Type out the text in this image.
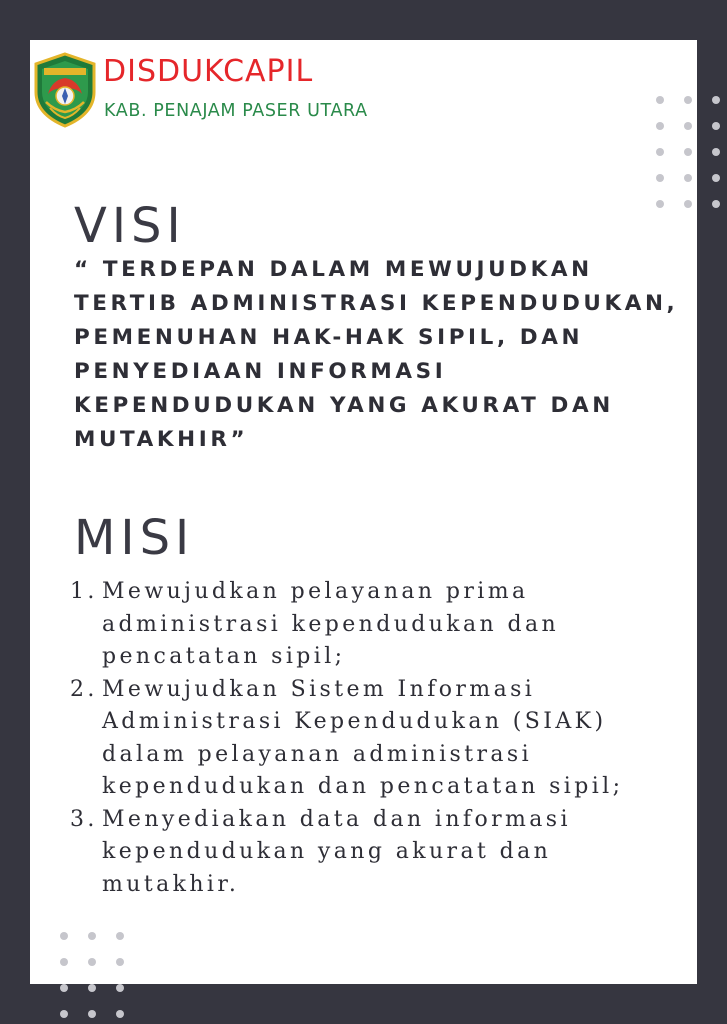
DISDUKCAPIL
KAB. PENAJAM PASER UTARA
VISI

“ TERDEPAN DALAM MEWUJUDKAN TERTIB ADMINISTRASI KEPENDUDUKAN, PEMENUHAN HAK-HAK SIPIL, DAN PENYEDIAAN INFORMASI KEPENDUDUKAN YANG AKURAT DAN MUTAKHIR”

MISI
1. Mewujudkan pelayanan prima administrasi kependudukan dan pencatatan sipil;
2. Mewujudkan Sistem Informasi Administrasi Kependudukan (SIAK) dalam pelayanan administrasi kependudukan dan pencatatan sipil;
3. Menyediakan data dan informasi kependudukan yang akurat dan mutakhir.
